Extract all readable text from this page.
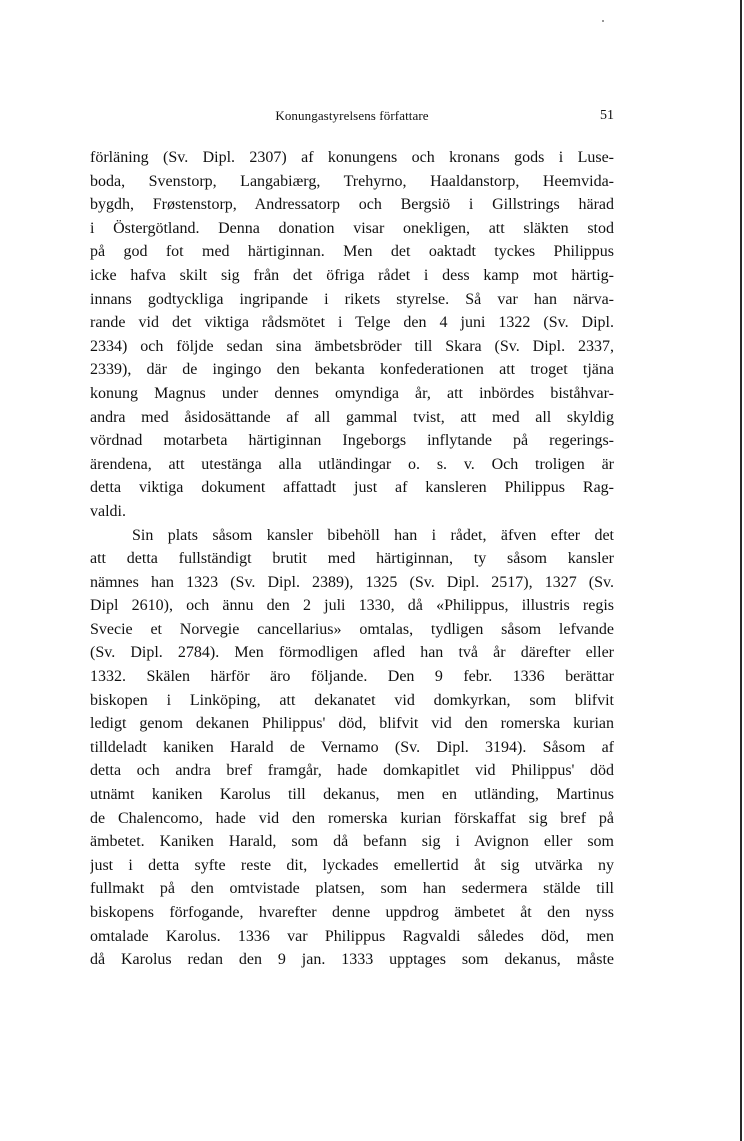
Konungastyrelsens författare	51
förläning (Sv. Dipl. 2307) af konungens och kronans gods i Luse-
boda, Svenstorp, Langabiærg, Trehyrno, Haaldanstorp, Heemvida-
bygdh, Frøstenstorp, Andressatorp och Bergsiö i Gillstrings härad
i Östergötland. Denna donation visar onekligen, att släkten stod
på god fot med härtiginnan. Men det oaktadt tyckes Philippus
icke hafva skilt sig från det öfriga rådet i dess kamp mot härtig-
innans godtyckliga ingripande i rikets styrelse. Så var han närva-
rande vid det viktiga rådsmötet i Telge den 4 juni 1322 (Sv. Dipl.
2334) och följde sedan sina ämbetsbröder till Skara (Sv. Dipl. 2337,
2339), där de ingingo den bekanta konfederationen att troget tjäna
konung Magnus under dennes omyndiga år, att inbördes biståhvar-
andra med åsidosättande af all gammal tvist, att med all skyldig
vördnad motarbeta härtiginnan Ingeborgs inflytande på regerings-
ärendena, att utestänga alla utländingar o. s. v. Och troligen är
detta viktiga dokument affattadt just af kansleren Philippus Rag-
valdi.
Sin plats såsom kansler bibehöll han i rådet, äfven efter det
att detta fullständigt brutit med härtiginnan, ty såsom kansler
nämnes han 1323 (Sv. Dipl. 2389), 1325 (Sv. Dipl. 2517), 1327 (Sv.
Dipl 2610), och ännu den 2 juli 1330, då «Philippus, illustris regis
Svecie et Norvegie cancellarius» omtalas, tydligen såsom lefvande
(Sv. Dipl. 2784). Men förmodligen afled han två år därefter eller
1332. Skälen härför äro följande. Den 9 febr. 1336 berättar
biskopen i Linköping, att dekanatet vid domkyrkan, som blifvit
ledigt genom dekanen Philippus' död, blifvit vid den romerska kurian
tilldeladt kaniken Harald de Vernamo (Sv. Dipl. 3194). Såsom af
detta och andra bref framgår, hade domkapitlet vid Philippus' död
utnämt kaniken Karolus till dekanus, men en utländing, Martinus
de Chalencomo, hade vid den romerska kurian förskaffat sig bref på
ämbetet. Kaniken Harald, som då befann sig i Avignon eller som
just i detta syfte reste dit, lyckades emellertid åt sig utvärka ny
fullmakt på den omtvistade platsen, som han sedermera stälde till
biskopens förfogande, hvarefter denne uppdrog ämbetet åt den nyss
omtalade Karolus. 1336 var Philippus Ragvaldi således död, men
då Karolus redan den 9 jan. 1333 upptages som dekanus, måste
